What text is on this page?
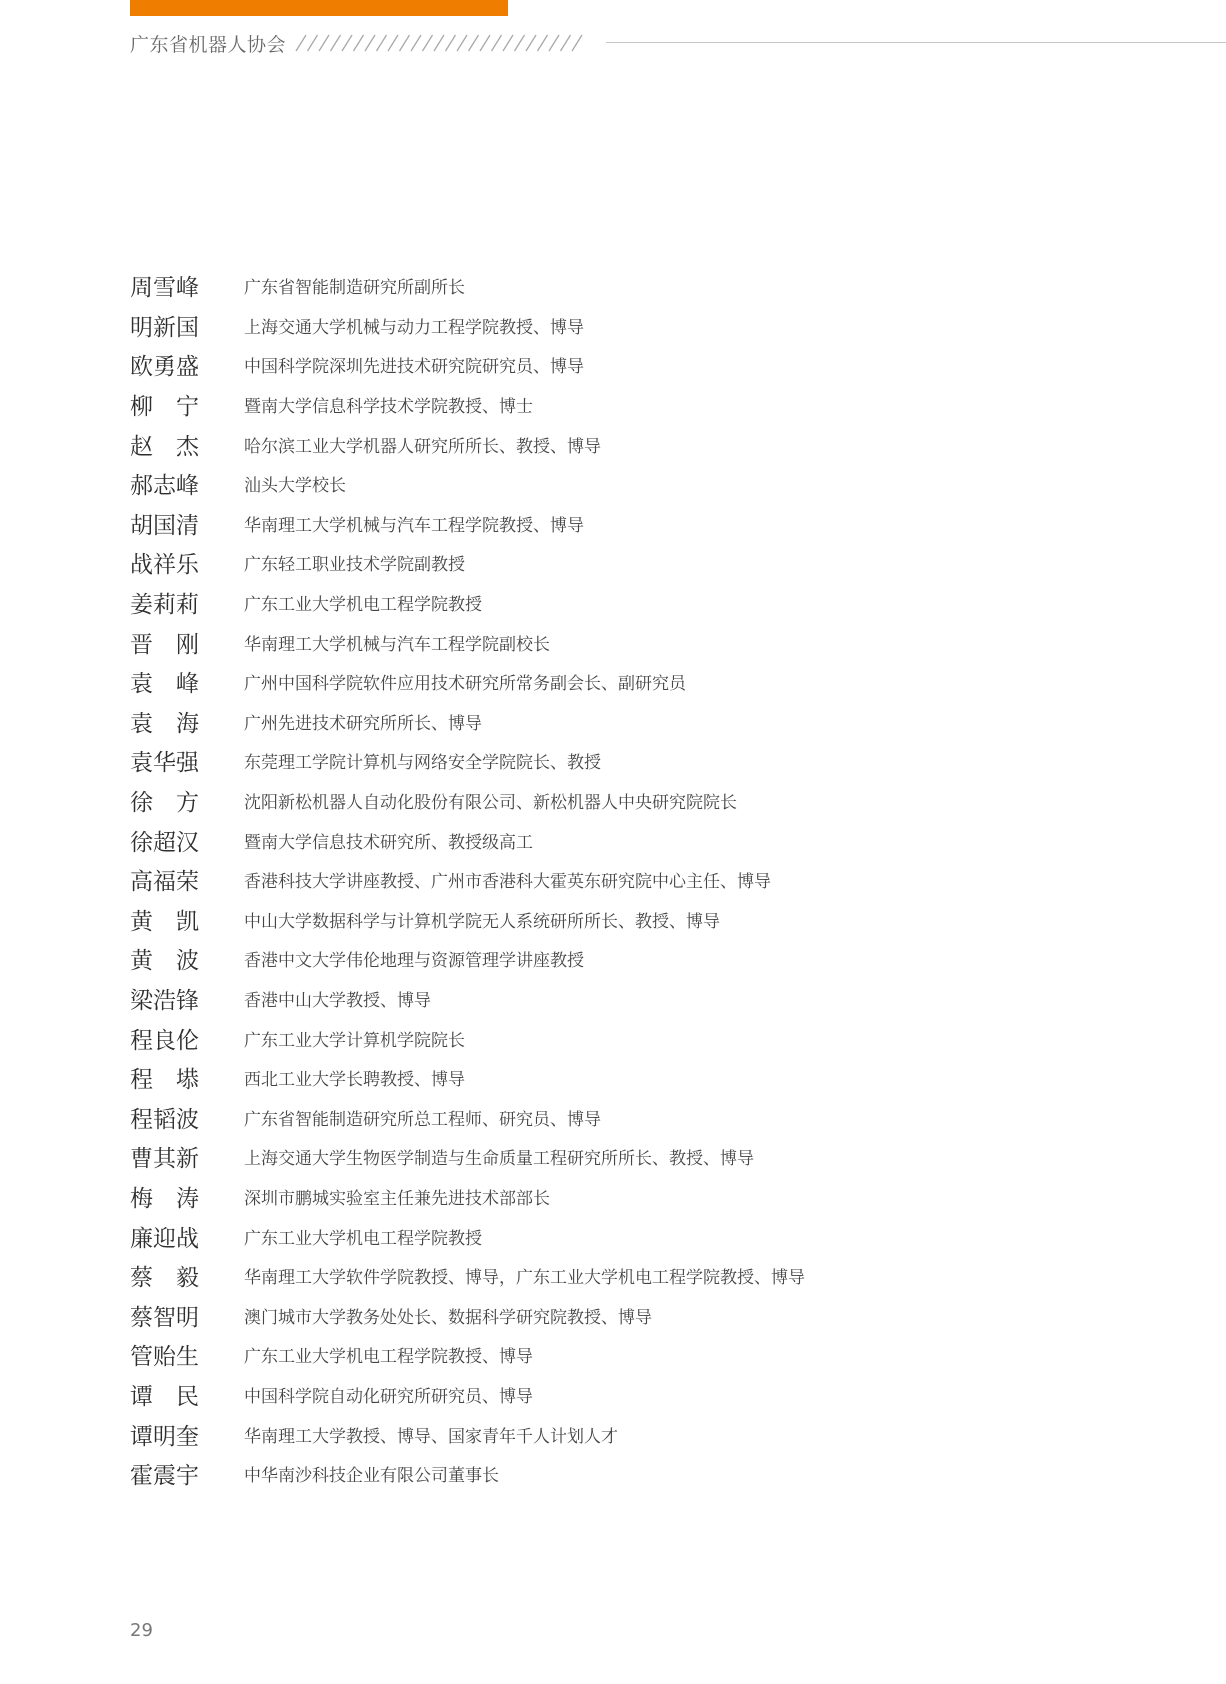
广东省机器人协会
周雪峰	广东省智能制造研究所副所长
明新国	上海交通大学机械与动力工程学院教授、博导
欧勇盛	中国科学院深圳先进技术研究院研究员、博导
柳　宁	暨南大学信息科学技术学院教授、博士
赵　杰	哈尔滨工业大学机器人研究所所长、教授、博导
郝志峰	汕头大学校长
胡国清	华南理工大学机械与汽车工程学院教授、博导
战祥乐	广东轻工职业技术学院副教授
姜莉莉	广东工业大学机电工程学院教授
晋　刚	华南理工大学机械与汽车工程学院副校长
袁　峰	广州中国科学院软件应用技术研究所常务副会长、副研究员
袁　海	广州先进技术研究所所长、博导
袁华强	东莞理工学院计算机与网络安全学院院长、教授
徐　方	沈阳新松机器人自动化股份有限公司、新松机器人中央研究院院长
徐超汉	暨南大学信息技术研究所、教授级高工
高福荣	香港科技大学讲座教授、广州市香港科大霍英东研究院中心主任、博导
黄　凯	中山大学数据科学与计算机学院无人系统研所所长、教授、博导
黄　波	香港中文大学伟伦地理与资源管理学讲座教授
梁浩锋	香港中山大学教授、博导
程良伦	广东工业大学计算机学院院长
程　塨	西北工业大学长聘教授、博导
程韬波	广东省智能制造研究所总工程师、研究员、博导
曹其新	上海交通大学生物医学制造与生命质量工程研究所所长、教授、博导
梅　涛	深圳市鹏城实验室主任兼先进技术部部长
廉迎战	广东工业大学机电工程学院教授
蔡　毅	华南理工大学软件学院教授、博导，广东工业大学机电工程学院教授、博导
蔡智明	澳门城市大学教务处处长、数据科学研究院教授、博导
管贻生	广东工业大学机电工程学院教授、博导
谭　民	中国科学院自动化研究所研究员、博导
谭明奎	华南理工大学教授、博导、国家青年千人计划人才
霍震宇	中华南沙科技企业有限公司董事长
29
